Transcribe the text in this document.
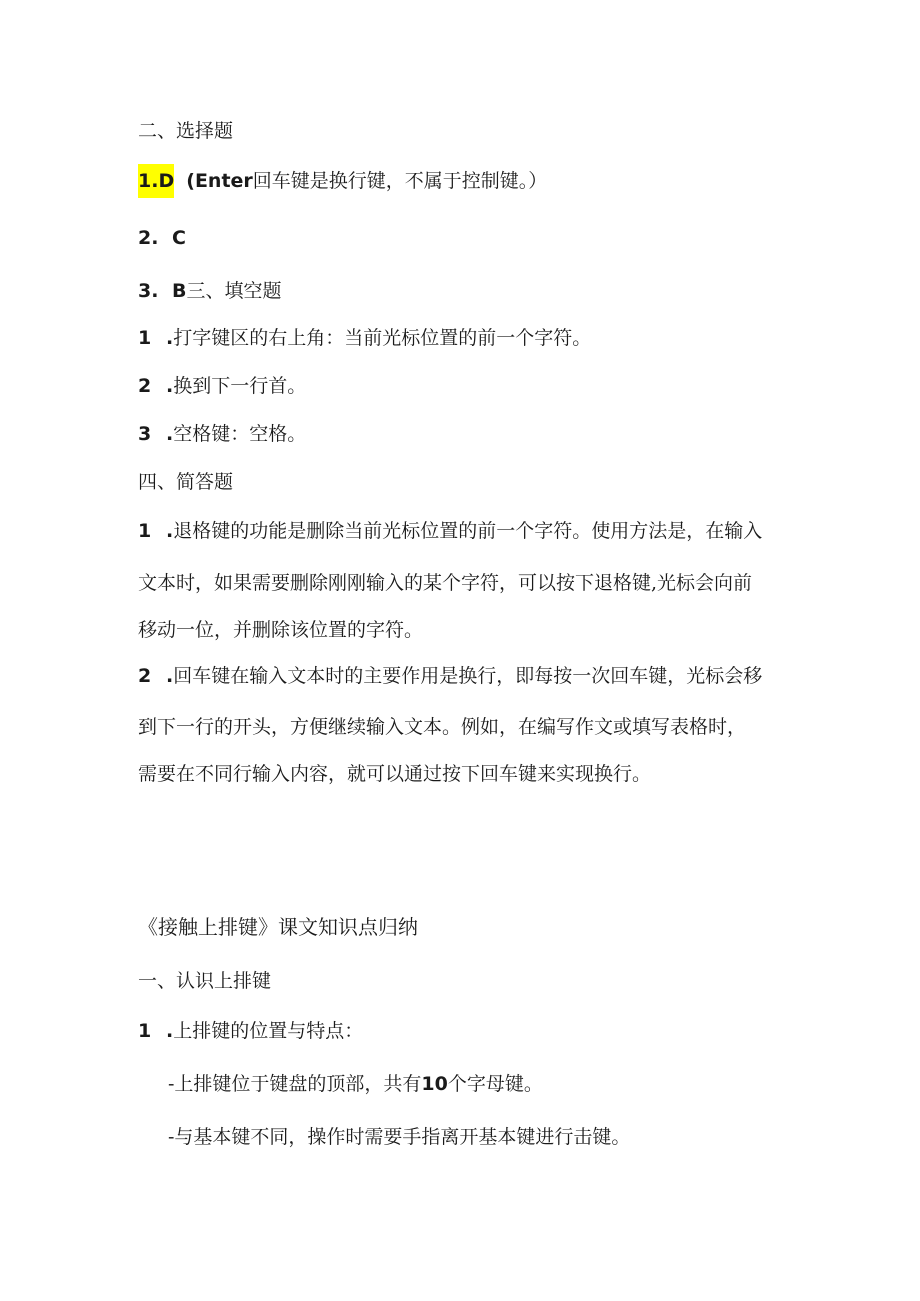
二、选择题
1.D (Enter回车键是换行键，不属于控制键。）
2. C
3. B三、填空题
1 .打字键区的右上角：当前光标位置的前一个字符。
2 .换到下一行首。
3 .空格键：空格。
四、简答题
1 .退格键的功能是删除当前光标位置的前一个字符。使用方法是，在输入
文本时，如果需要删除刚刚输入的某个字符，可以按下退格键,光标会向前
移动一位，并删除该位置的字符。
2 .回车键在输入文本时的主要作用是换行，即每按一次回车键，光标会移
到下一行的开头，方便继续输入文本。例如，在编写作文或填写表格时，
需要在不同行输入内容，就可以通过按下回车键来实现换行。
《接触上排键》课文知识点归纳
一、认识上排键
1 .上排键的位置与特点：
-上排键位于键盘的顶部，共有10个字母键。
-与基本键不同，操作时需要手指离开基本键进行击键。
